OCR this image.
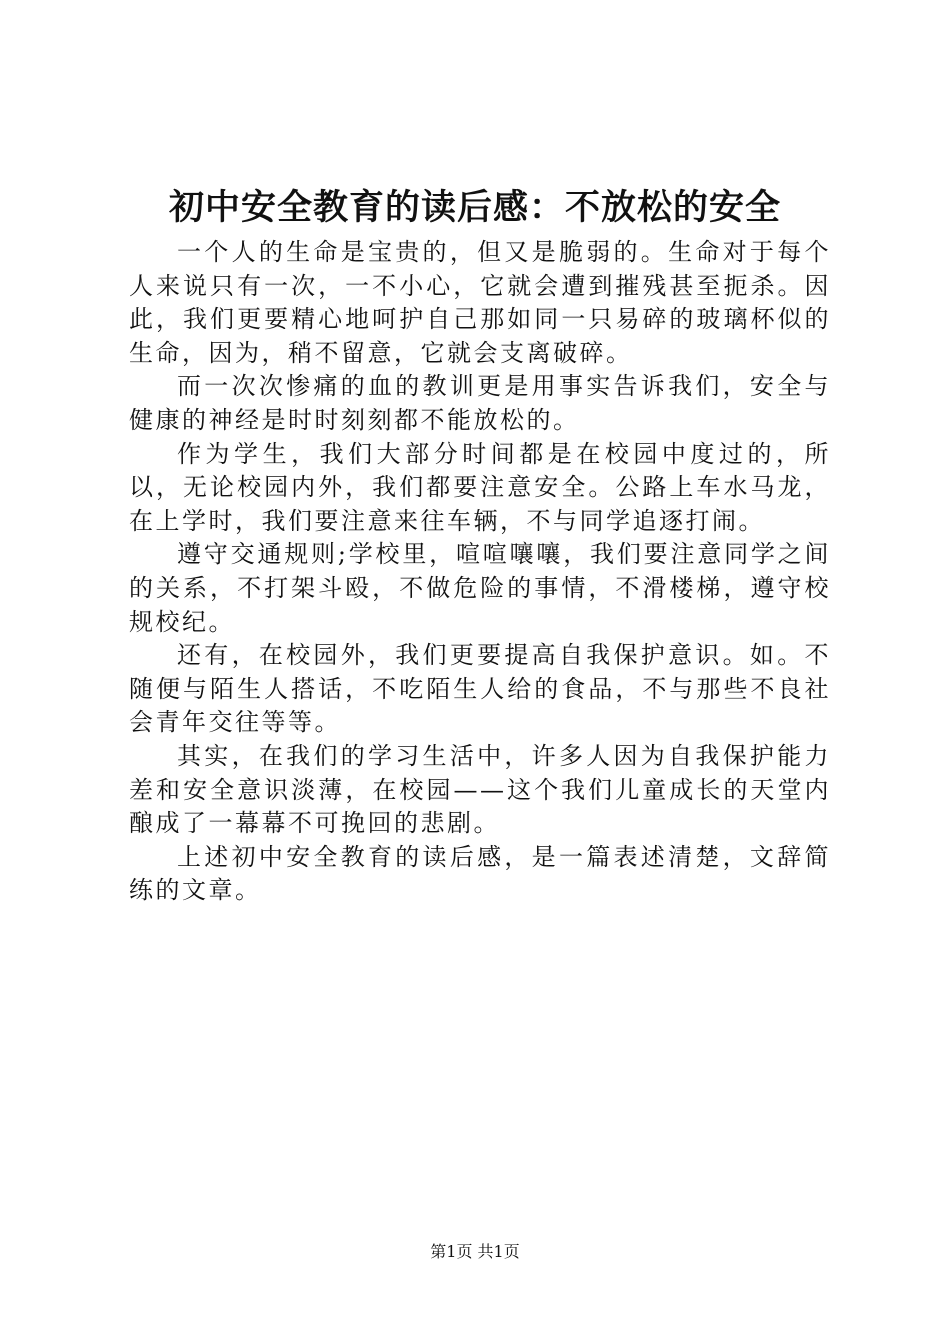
初中安全教育的读后感：不放松的安全

一个人的生命是宝贵的，但又是脆弱的。生命对于每个人来说只有一次，一不小心，它就会遭到摧残甚至扼杀。因此，我们更要精心地呵护自己那如同一只易碎的玻璃杯似的生命，因为，稍不留意，它就会支离破碎。

而一次次惨痛的血的教训更是用事实告诉我们，安全与健康的神经是时时刻刻都不能放松的。

作为学生，我们大部分时间都是在校园中度过的，所以，无论校园内外，我们都要注意安全。公路上车水马龙，在上学时，我们要注意来往车辆，不与同学追逐打闹。

遵守交通规则;学校里，喧喧嚷嚷，我们要注意同学之间的关系，不打架斗殴，不做危险的事情，不滑楼梯，遵守校规校纪。

还有，在校园外，我们更要提高自我保护意识。如。不随便与陌生人搭话，不吃陌生人给的食品，不与那些不良社会青年交往等等。

其实，在我们的学习生活中，许多人因为自我保护能力差和安全意识淡薄，在校园——这个我们儿童成长的天堂内酿成了一幕幕不可挽回的悲剧。

上述初中安全教育的读后感，是一篇表述清楚，文辞简练的文章。

第1页 共1页
